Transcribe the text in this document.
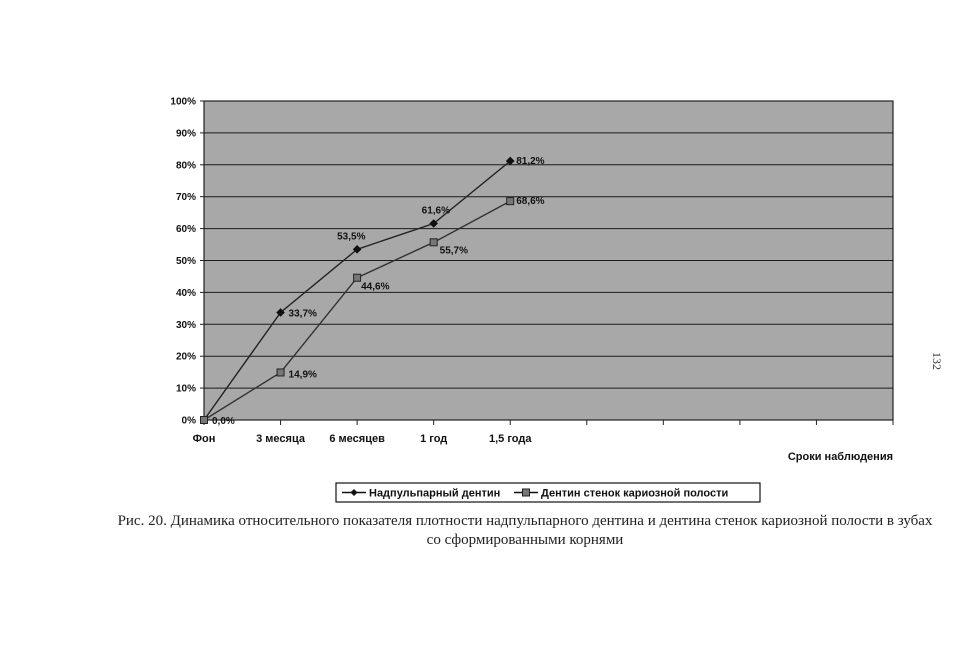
0%
10%
20%
30%
40%
50%
60%
70%
80%
90%
100%
Фон	3 месяца 6 месяцев	1 год	1,5 года
Сроки наблюдения
0,0%
33,7%
53,5%
61,6%
81,2%
14,9%
44,6%
55,7%
68,6%
Надпульпарный дентин	Дентин стенок кариозной полости
Рис. 20. Динамика относительного показателя плотности надпульпарного дентина и дентина стенок кариозной полости в зубах со сформированными корнями
132
